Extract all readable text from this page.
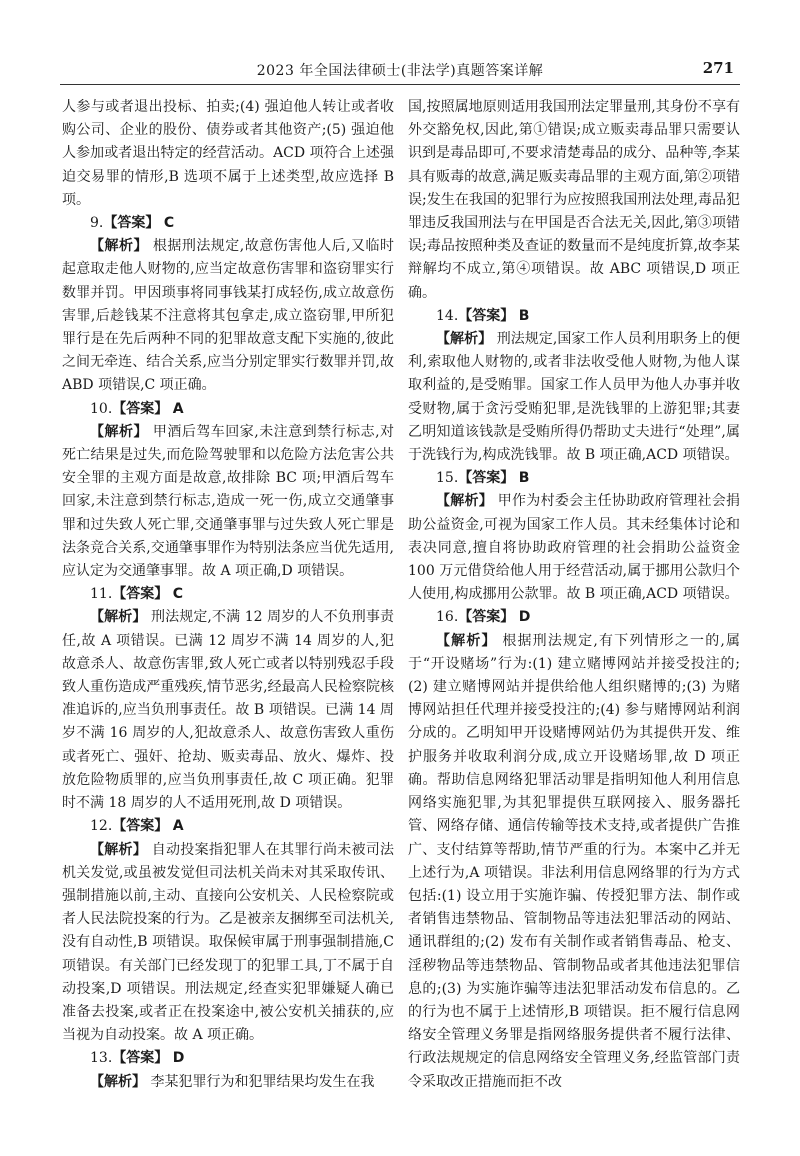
2023 年全国法律硕士(非法学)真题答案详解	271

人参与或者退出投标、拍卖;(4) 强迫他人转让或者收购公司、企业的股份、债券或者其他资产;(5) 强迫他人参加或者退出特定的经营活动。ACD 项符合上述强迫交易罪的情形,B 选项不属于上述类型,故应选择 B 项。

9.【答案】 C

【解析】 根据刑法规定,故意伤害他人后,又临时起意取走他人财物的,应当定故意伤害罪和盗窃罪实行数罪并罚。甲因琐事将同事钱某打成轻伤,成立故意伤害罪,后趁钱某不注意将其包拿走,成立盗窃罪,甲所犯罪行是在先后两种不同的犯罪故意支配下实施的,彼此之间无牵连、结合关系,应当分别定罪实行数罪并罚,故 ABD 项错误,C 项正确。

10.【答案】 A

【解析】 甲酒后驾车回家,未注意到禁行标志,对死亡结果是过失,而危险驾驶罪和以危险方法危害公共安全罪的主观方面是故意,故排除 BC 项;甲酒后驾车回家,未注意到禁行标志,造成一死一伤,成立交通肇事罪和过失致人死亡罪,交通肇事罪与过失致人死亡罪是法条竞合关系,交通肇事罪作为特别法条应当优先适用,应认定为交通肇事罪。故 A 项正确,D 项错误。

11.【答案】 C

【解析】 刑法规定,不满 12 周岁的人不负刑事责任,故 A 项错误。已满 12 周岁不满 14 周岁的人,犯故意杀人、故意伤害罪,致人死亡或者以特别残忍手段致人重伤造成严重残疾,情节恶劣,经最高人民检察院核准追诉的,应当负刑事责任。故 B 项错误。已满 14 周岁不满 16 周岁的人,犯故意杀人、故意伤害致人重伤或者死亡、强奸、抢劫、贩卖毒品、放火、爆炸、投放危险物质罪的,应当负刑事责任,故 C 项正确。犯罪时不满 18 周岁的人不适用死刑,故 D 项错误。

12.【答案】 A

【解析】 自动投案指犯罪人在其罪行尚未被司法机关发觉,或虽被发觉但司法机关尚未对其采取传讯、强制措施以前,主动、直接向公安机关、人民检察院或者人民法院投案的行为。乙是被亲友捆绑至司法机关,没有自动性,B 项错误。取保候审属于刑事强制措施,C 项错误。有关部门已经发现丁的犯罪工具,丁不属于自动投案,D 项错误。刑法规定,经查实犯罪嫌疑人确已准备去投案,或者正在投案途中,被公安机关捕获的,应当视为自动投案。故 A 项正确。

13.【答案】 D

【解析】 李某犯罪行为和犯罪结果均发生在我

国,按照属地原则适用我国刑法定罪量刑,其身份不享有外交豁免权,因此,第①错误;成立贩卖毒品罪只需要认识到是毒品即可,不要求清楚毒品的成分、品种等,李某具有贩毒的故意,满足贩卖毒品罪的主观方面,第②项错误;发生在我国的犯罪行为应按照我国刑法处理,毒品犯罪违反我国刑法与在甲国是否合法无关,因此,第③项错误;毒品按照种类及查证的数量而不是纯度折算,故李某辩解均不成立,第④项错误。故 ABC 项错误,D 项正确。

14.【答案】 B

【解析】 刑法规定,国家工作人员利用职务上的便利,索取他人财物的,或者非法收受他人财物,为他人谋取利益的,是受贿罪。国家工作人员甲为他人办事并收受财物,属于贪污受贿犯罪,是洗钱罪的上游犯罪;其妻乙明知道该钱款是受贿所得仍帮助丈夫进行“处理”,属于洗钱行为,构成洗钱罪。故 B 项正确,ACD 项错误。

15.【答案】 B

【解析】 甲作为村委会主任协助政府管理社会捐助公益资金,可视为国家工作人员。其未经集体讨论和表决同意,擅自将协助政府管理的社会捐助公益资金 100 万元借贷给他人用于经营活动,属于挪用公款归个人使用,构成挪用公款罪。故 B 项正确,ACD 项错误。

16.【答案】 D

【解析】 根据刑法规定,有下列情形之一的,属于“开设赌场”行为:(1) 建立赌博网站并接受投注的;(2) 建立赌博网站并提供给他人组织赌博的;(3) 为赌博网站担任代理并接受投注的;(4) 参与赌博网站利润分成的。乙明知甲开设赌博网站仍为其提供开发、维护服务并收取利润分成,成立开设赌场罪,故 D 项正确。帮助信息网络犯罪活动罪是指明知他人利用信息网络实施犯罪,为其犯罪提供互联网接入、服务器托管、网络存储、通信传输等技术支持,或者提供广告推广、支付结算等帮助,情节严重的行为。本案中乙并无上述行为,A 项错误。非法利用信息网络罪的行为方式包括:(1) 设立用于实施诈骗、传授犯罪方法、制作或者销售违禁物品、管制物品等违法犯罪活动的网站、通讯群组的;(2) 发布有关制作或者销售毒品、枪支、淫秽物品等违禁物品、管制物品或者其他违法犯罪信息的;(3) 为实施诈骗等违法犯罪活动发布信息的。乙的行为也不属于上述情形,B 项错误。拒不履行信息网络安全管理义务罪是指网络服务提供者不履行法律、行政法规规定的信息网络安全管理义务,经监管部门责令采取改正措施而拒不改
